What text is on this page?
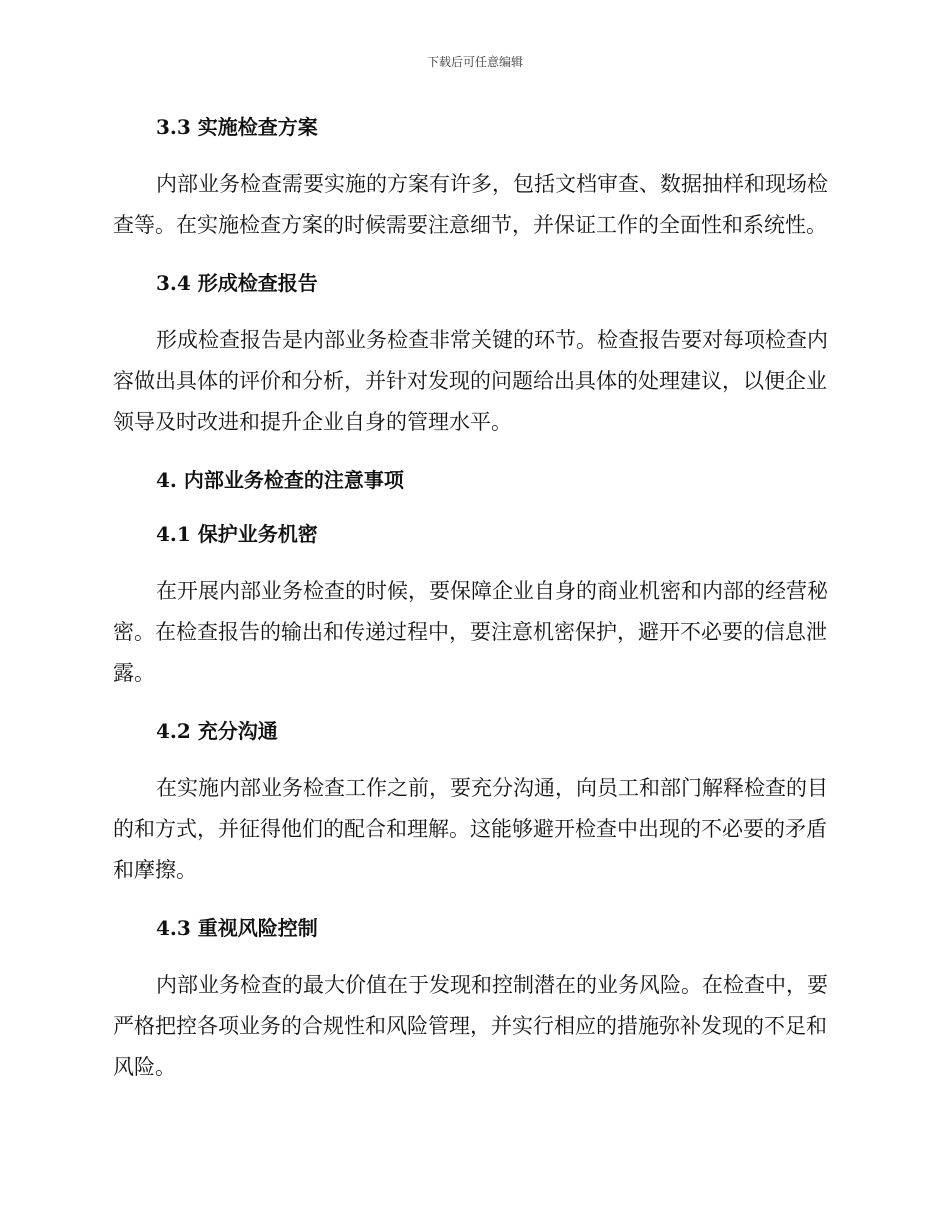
下载后可任意编辑
3.3 实施检查方案

内部业务检查需要实施的方案有许多，包括文档审查、数据抽样和现场检查等。在实施检查方案的时候需要注意细节，并保证工作的全面性和系统性。

3.4 形成检查报告

形成检查报告是内部业务检查非常关键的环节。检查报告要对每项检查内容做出具体的评价和分析，并针对发现的问题给出具体的处理建议，以便企业领导及时改进和提升企业自身的管理水平。

4. 内部业务检查的注意事项
4.1 保护业务机密

在开展内部业务检查的时候，要保障企业自身的商业机密和内部的经营秘密。在检查报告的输出和传递过程中，要注意机密保护，避开不必要的信息泄露。

4.2 充分沟通

在实施内部业务检查工作之前，要充分沟通，向员工和部门解释检查的目的和方式，并征得他们的配合和理解。这能够避开检查中出现的不必要的矛盾和摩擦。

4.3 重视风险控制

内部业务检查的最大价值在于发现和控制潜在的业务风险。在检查中，要严格把控各项业务的合规性和风险管理，并实行相应的措施弥补发现的不足和风险。
